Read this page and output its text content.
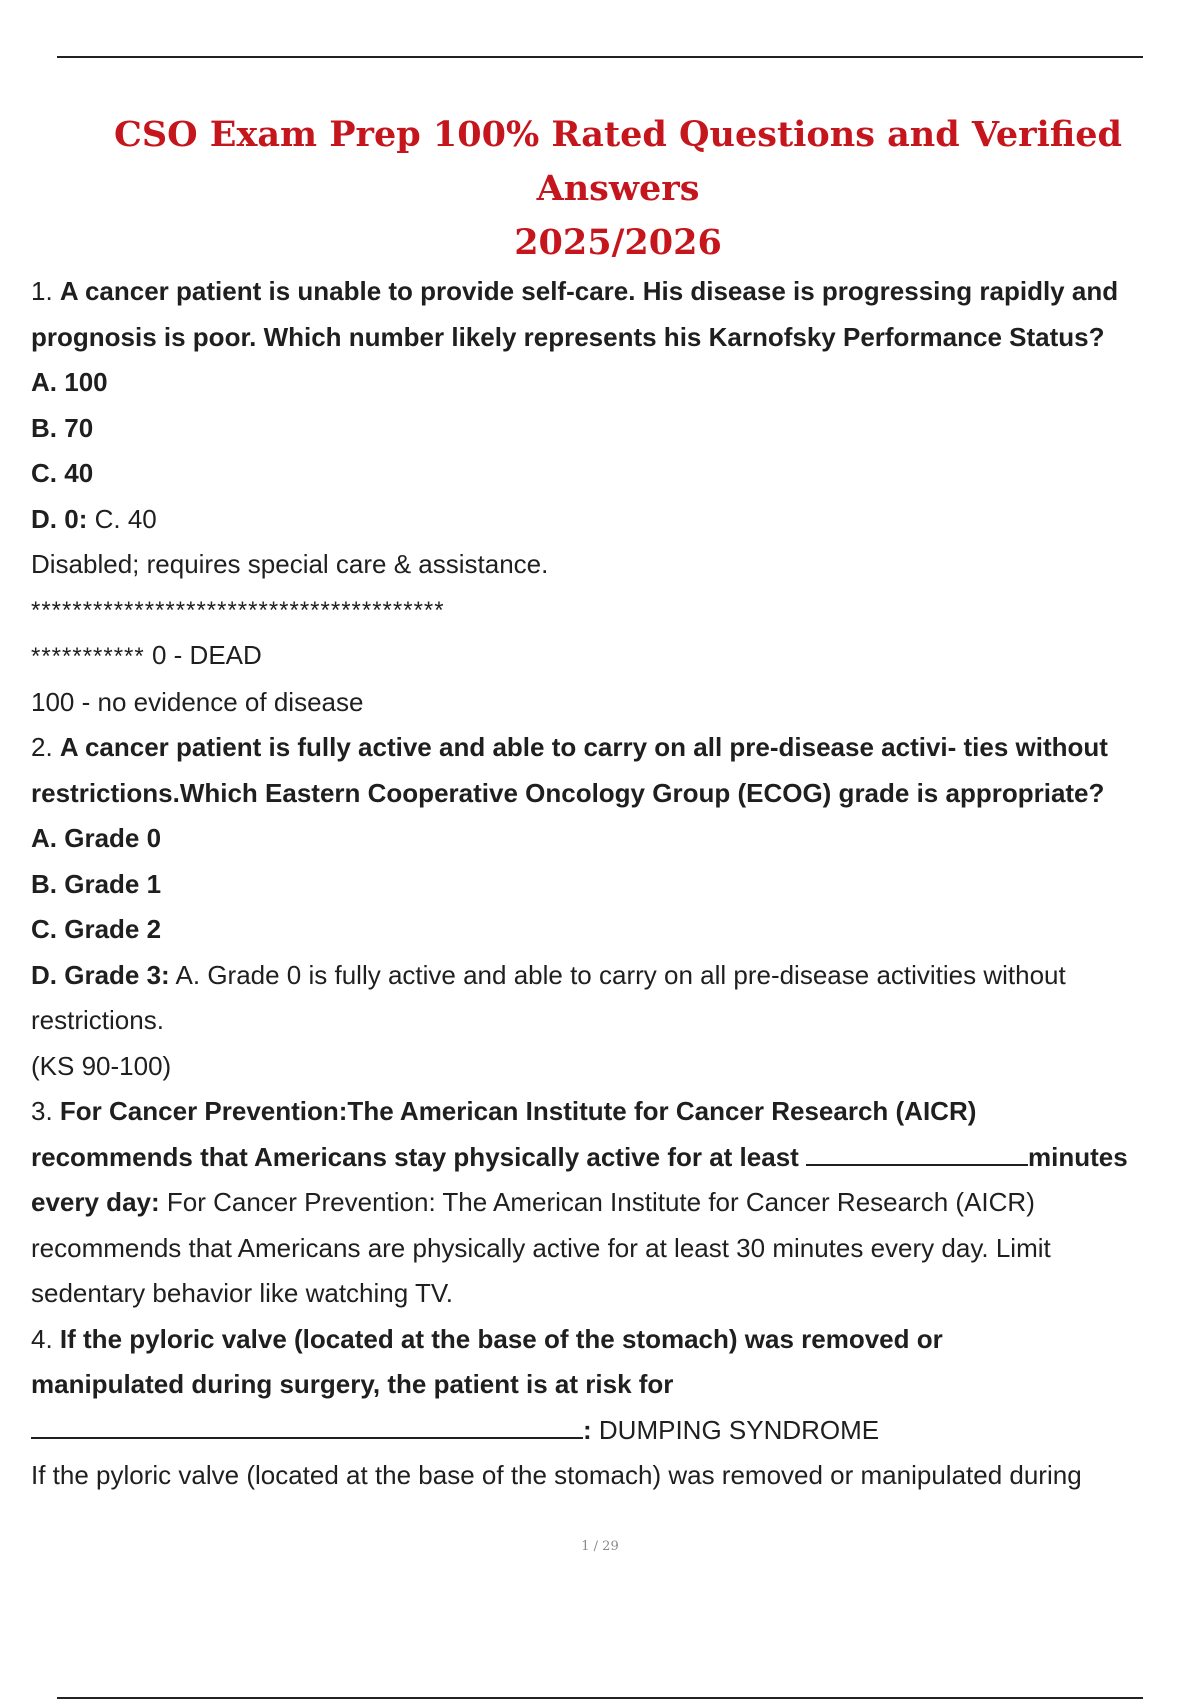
CSO Exam Prep 100% Rated Questions and Verified Answers
2025/2026
1. A cancer patient is unable to provide self-care. His disease is progressing rapidly and
prognosis is poor. Which number likely represents his Karnofsky Performance Status?
A. 100
B. 70
C. 40
D. 0: C. 40
Disabled; requires special care & assistance.
****************************************
*********** 0 - DEAD
100 - no evidence of disease
2. A cancer patient is fully active and able to carry on all pre-disease activi- ties without
restrictions.Which Eastern Cooperative Oncology Group (ECOG) grade is appropriate?
A. Grade 0
B. Grade 1
C. Grade 2
D. Grade 3: A. Grade 0 is fully active and able to carry on all pre-disease activities without
restrictions.
(KS 90-100)
3. For Cancer Prevention:The American Institute for Cancer Research (AICR)
recommends that Americans stay physically active for at least	minutes
every day: For Cancer Prevention: The American Institute for Cancer Research (AICR)
recommends that Americans are physically active for at least 30 minutes every day. Limit
sedentary behavior like watching TV.
4. If the pyloric valve (located at the base of the stomach) was removed or
manipulated during surgery, the patient is at risk for
: DUMPING SYNDROME
If the pyloric valve (located at the base of the stomach) was removed or manipulated during
1 / 29
